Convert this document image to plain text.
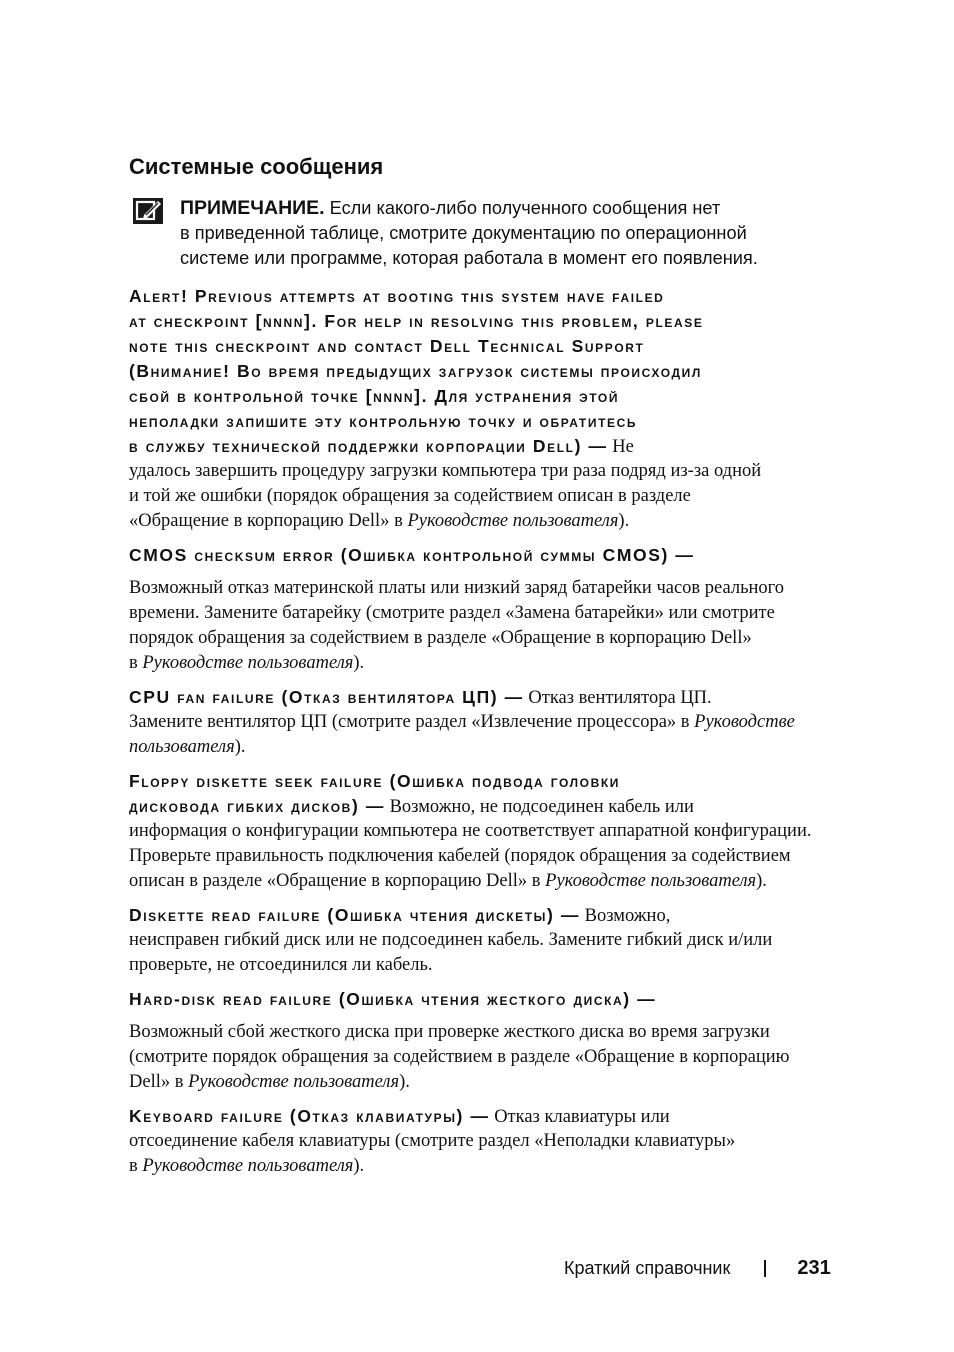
Системные сообщения

ПРИМЕЧАНИЕ. Если какого-либо полученного сообщения нет
в приведенной таблице, смотрите документацию по операционной
системе или программе, которая работала в момент его появления.

Alert! Previous attempts at booting this system have failed
at checkpoint [nnnn]. For help in resolving this problem, please
note this checkpoint and contact Dell Technical Support
(Внимание! Во время предыдущих загрузок системы происходил
сбой в контрольной точке [nnnn]. Для устранения этой
неполадки запишите эту контрольную точку и обратитесь
в службу технической поддержки корпорации Dell) — Не
удалось завершить процедуру загрузки компьютера три раза подряд из-за одной
и той же ошибки (порядок обращения за содействием описан в разделе
«Обращение в корпорацию Dell» в Руководстве пользователя).
CMOS checksum error (Ошибка контрольной суммы CMOS) —
Возможный отказ материнской платы или низкий заряд батарейки часов реального
времени. Замените батарейку (смотрите раздел «Замена батарейки» или смотрите
порядок обращения за содействием в разделе «Обращение в корпорацию Dell»
в Руководстве пользователя).
CPU fan failure (Отказ вентилятора ЦП) — Отказ вентилятора ЦП.
Замените вентилятор ЦП (смотрите раздел «Извлечение процессора» в Руководстве
пользователя).
Floppy diskette seek failure (Ошибка подвода головки
дисковода гибких дисков) — Возможно, не подсоединен кабель или
информация о конфигурации компьютера не соответствует аппаратной конфигурации.
Проверьте правильность подключения кабелей (порядок обращения за содействием
описан в разделе «Обращение в корпорацию Dell» в Руководстве пользователя).
Diskette read failure (Ошибка чтения дискеты) — Возможно,
неисправен гибкий диск или не подсоединен кабель. Замените гибкий диск и/или
проверьте, не отсоединился ли кабель.
Hard-disk read failure (Ошибка чтения жесткого диска) —
Возможный сбой жесткого диска при проверке жесткого диска во время загрузки
(смотрите порядок обращения за содействием в разделе «Обращение в корпорацию
Dell» в Руководстве пользователя).
Keyboard failure (Отказ клавиатуры) — Отказ клавиатуры или
отсоединение кабеля клавиатуры (смотрите раздел «Неполадки клавиатуры»
в Руководстве пользователя).
Краткий справочник	231
